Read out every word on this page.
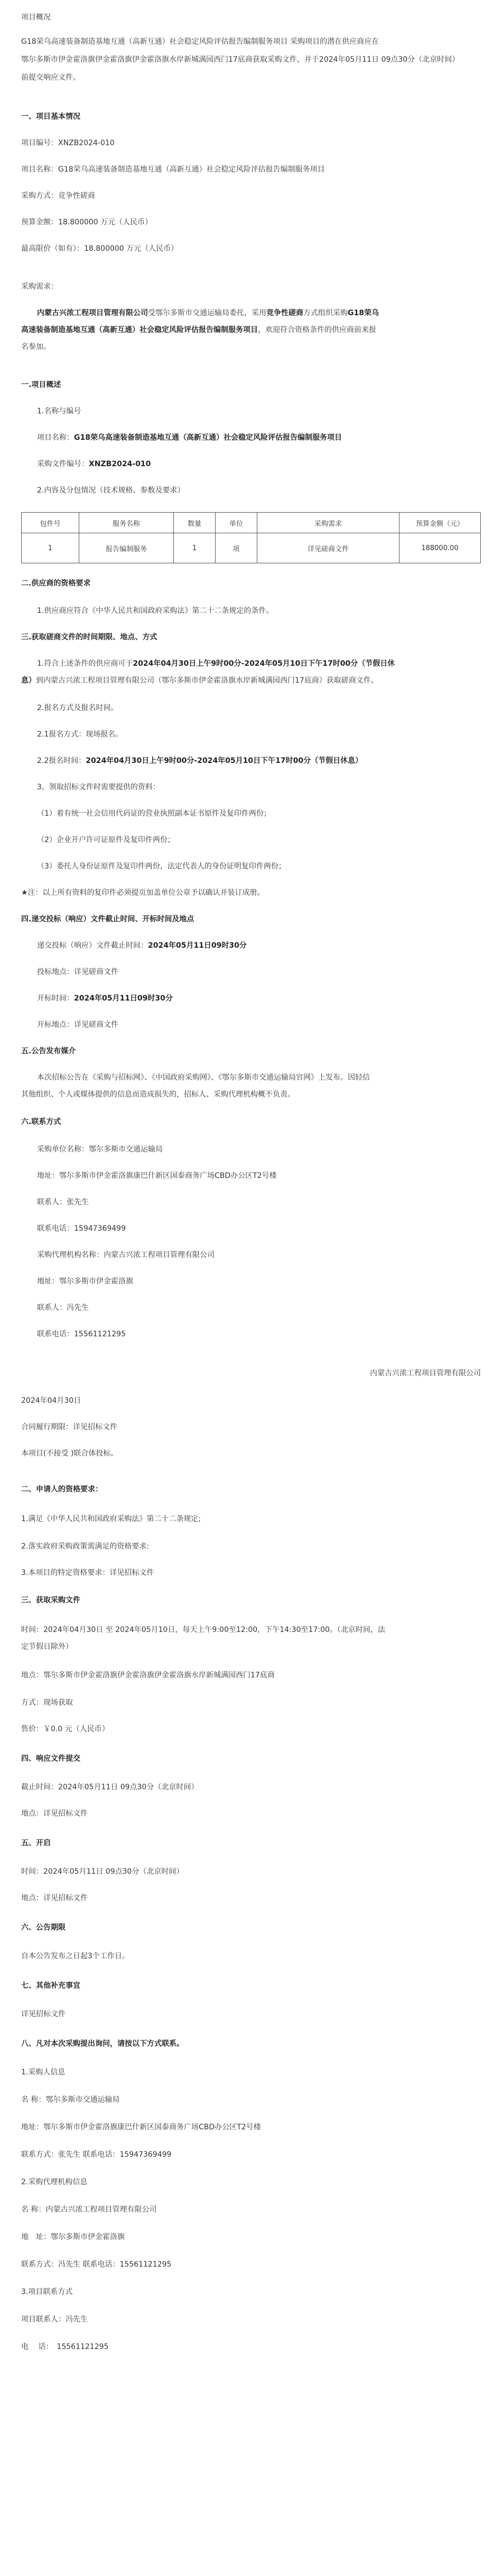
项目概况
G18荣乌高速装备制造基地互通（高新互通）社会稳定风险评估报告编制服务项目 采购项目的潜在供应商应在
鄂尔多斯市伊金霍洛旗伊金霍洛旗伊金霍洛旗水岸新城满园西门17底商获取采购文件，并于2024年05月11日 09点30分（北京时间）
前提交响应文件。
一、项目基本情况
项目编号：XNZB2024-010
项目名称：G18荣乌高速装备制造基地互通（高新互通）社会稳定风险评估报告编制服务项目
采购方式：竞争性磋商
预算金额：18.800000 万元（人民币）
最高限价（如有）：18.800000 万元（人民币）
采购需求：
内蒙古兴浓工程项目管理有限公司受鄂尔多斯市交通运输局委托，采用竞争性磋商方式组织采购G18荣乌
高速装备制造基地互通（高新互通）社会稳定风险评估报告编制服务项目，欢迎符合资格条件的供应商前来报
名参加。
一.项目概述
1.名称与编号
项目名称：G18荣乌高速装备制造基地互通（高新互通）社会稳定风险评估报告编制服务项目
采购文件编号：XNZB2024-010
2.内容及分包情况（技术规格、参数及要求）
包件号	服务名称	数量	单位	采购需求	预算金额（元）
1	报告编制服务	1	项	详见磋商文件	188000.00
二.供应商的资格要求
1.供应商应符合《中华人民共和国政府采购法》第二十二条规定的条件。
三.获取磋商文件的时间期限、地点、方式
1.符合上述条件的供应商可于2024年04月30日上午9时00分-2024年05月10日下午17时00分（节假日休
息）到内蒙古兴浓工程项目管理有限公司（鄂尔多斯市伊金霍洛旗水岸新城满园西门17底商）获取磋商文件。
2.报名方式及报名时间。
2.1报名方式：现场报名。
2.2报名时间：2024年04月30日上午9时00分-2024年05月10日下午17时00分（节假日休息）
3、领取招标文件时需要提供的资料：
（1）着有统一社会信用代码证的营业执照副本证书原件及复印件两份；
（2）企业开户许可证原件及复印件两份；
（3）委托人身份证原件及复印件两份，法定代表人的身份证明复印件两份；
★注：以上所有资料的复印件必须提页加盖单位公章予以确认并装订成册。
四.递交投标（响应）文件截止时间、开标时间及地点
递交投标（响应）文件截止时间：2024年05月11日09时30分
投标地点：详见磋商文件
开标时间：2024年05月11日09时30分
开标地点：详见磋商文件
五.公告发布媒介
本次招标公告在《采购与招标网》、《中国政府采购网》、《鄂尔多斯市交通运输局官网》上发布。因轻信
其他组织、个人或媒体提供的信息而造成损失的，招标人、采购代理机构概不负责。
六.联系方式
采购单位名称：鄂尔多斯市交通运输局
地址：鄂尔多斯市伊金霍洛旗康巴什新区国泰商务广场CBD办公区T2号楼
联系人：张先生
联系电话：15947369499
采购代理机构名称：内蒙古兴浓工程项目管理有限公司
地址：鄂尔多斯市伊金霍洛旗
联系人：冯先生
联系电话：15561121295
内蒙古兴浓工程项目管理有限公司
2024年04月30日
合同履行期限：详见招标文件
本项目(不接受 )联合体投标。
二、申请人的资格要求：
1.满足《中华人民共和国政府采购法》第二十二条规定;
2.落实政府采购政策需满足的资格要求:
3.本项目的特定资格要求：详见招标文件
三、获取采购文件
时间：2024年04月30日 至 2024年05月10日，每天上午9:00至12:00，下午14:30至17:00。（北京时间，法
定节假日除外）
地点：鄂尔多斯市伊金霍洛旗伊金霍洛旗伊金霍洛旗水岸新城满园西门17底商
方式：现场获取
售价：￥0.0 元（人民币）
四、响应文件提交
截止时间：2024年05月11日 09点30分（北京时间）
地点：详见招标文件
五、开启
时间：2024年05月11日 09点30分（北京时间）
地点：详见招标文件
六、公告期限
自本公告发布之日起3个工作日。
七、其他补充事宜
详见招标文件
八、凡对本次采购提出询问，请按以下方式联系。
1.采购人信息
名 称：鄂尔多斯市交通运输局
地址：鄂尔多斯市伊金霍洛旗康巴什新区国泰商务广场CBD办公区T2号楼
联系方式：张先生 联系电话：15947369499
2.采购代理机构信息
名 称：内蒙古兴浓工程项目管理有限公司
地　址：鄂尔多斯市伊金霍洛旗
联系方式：冯先生 联系电话：15561121295
3.项目联系方式
项目联系人：冯先生
电　 话：　15561121295
